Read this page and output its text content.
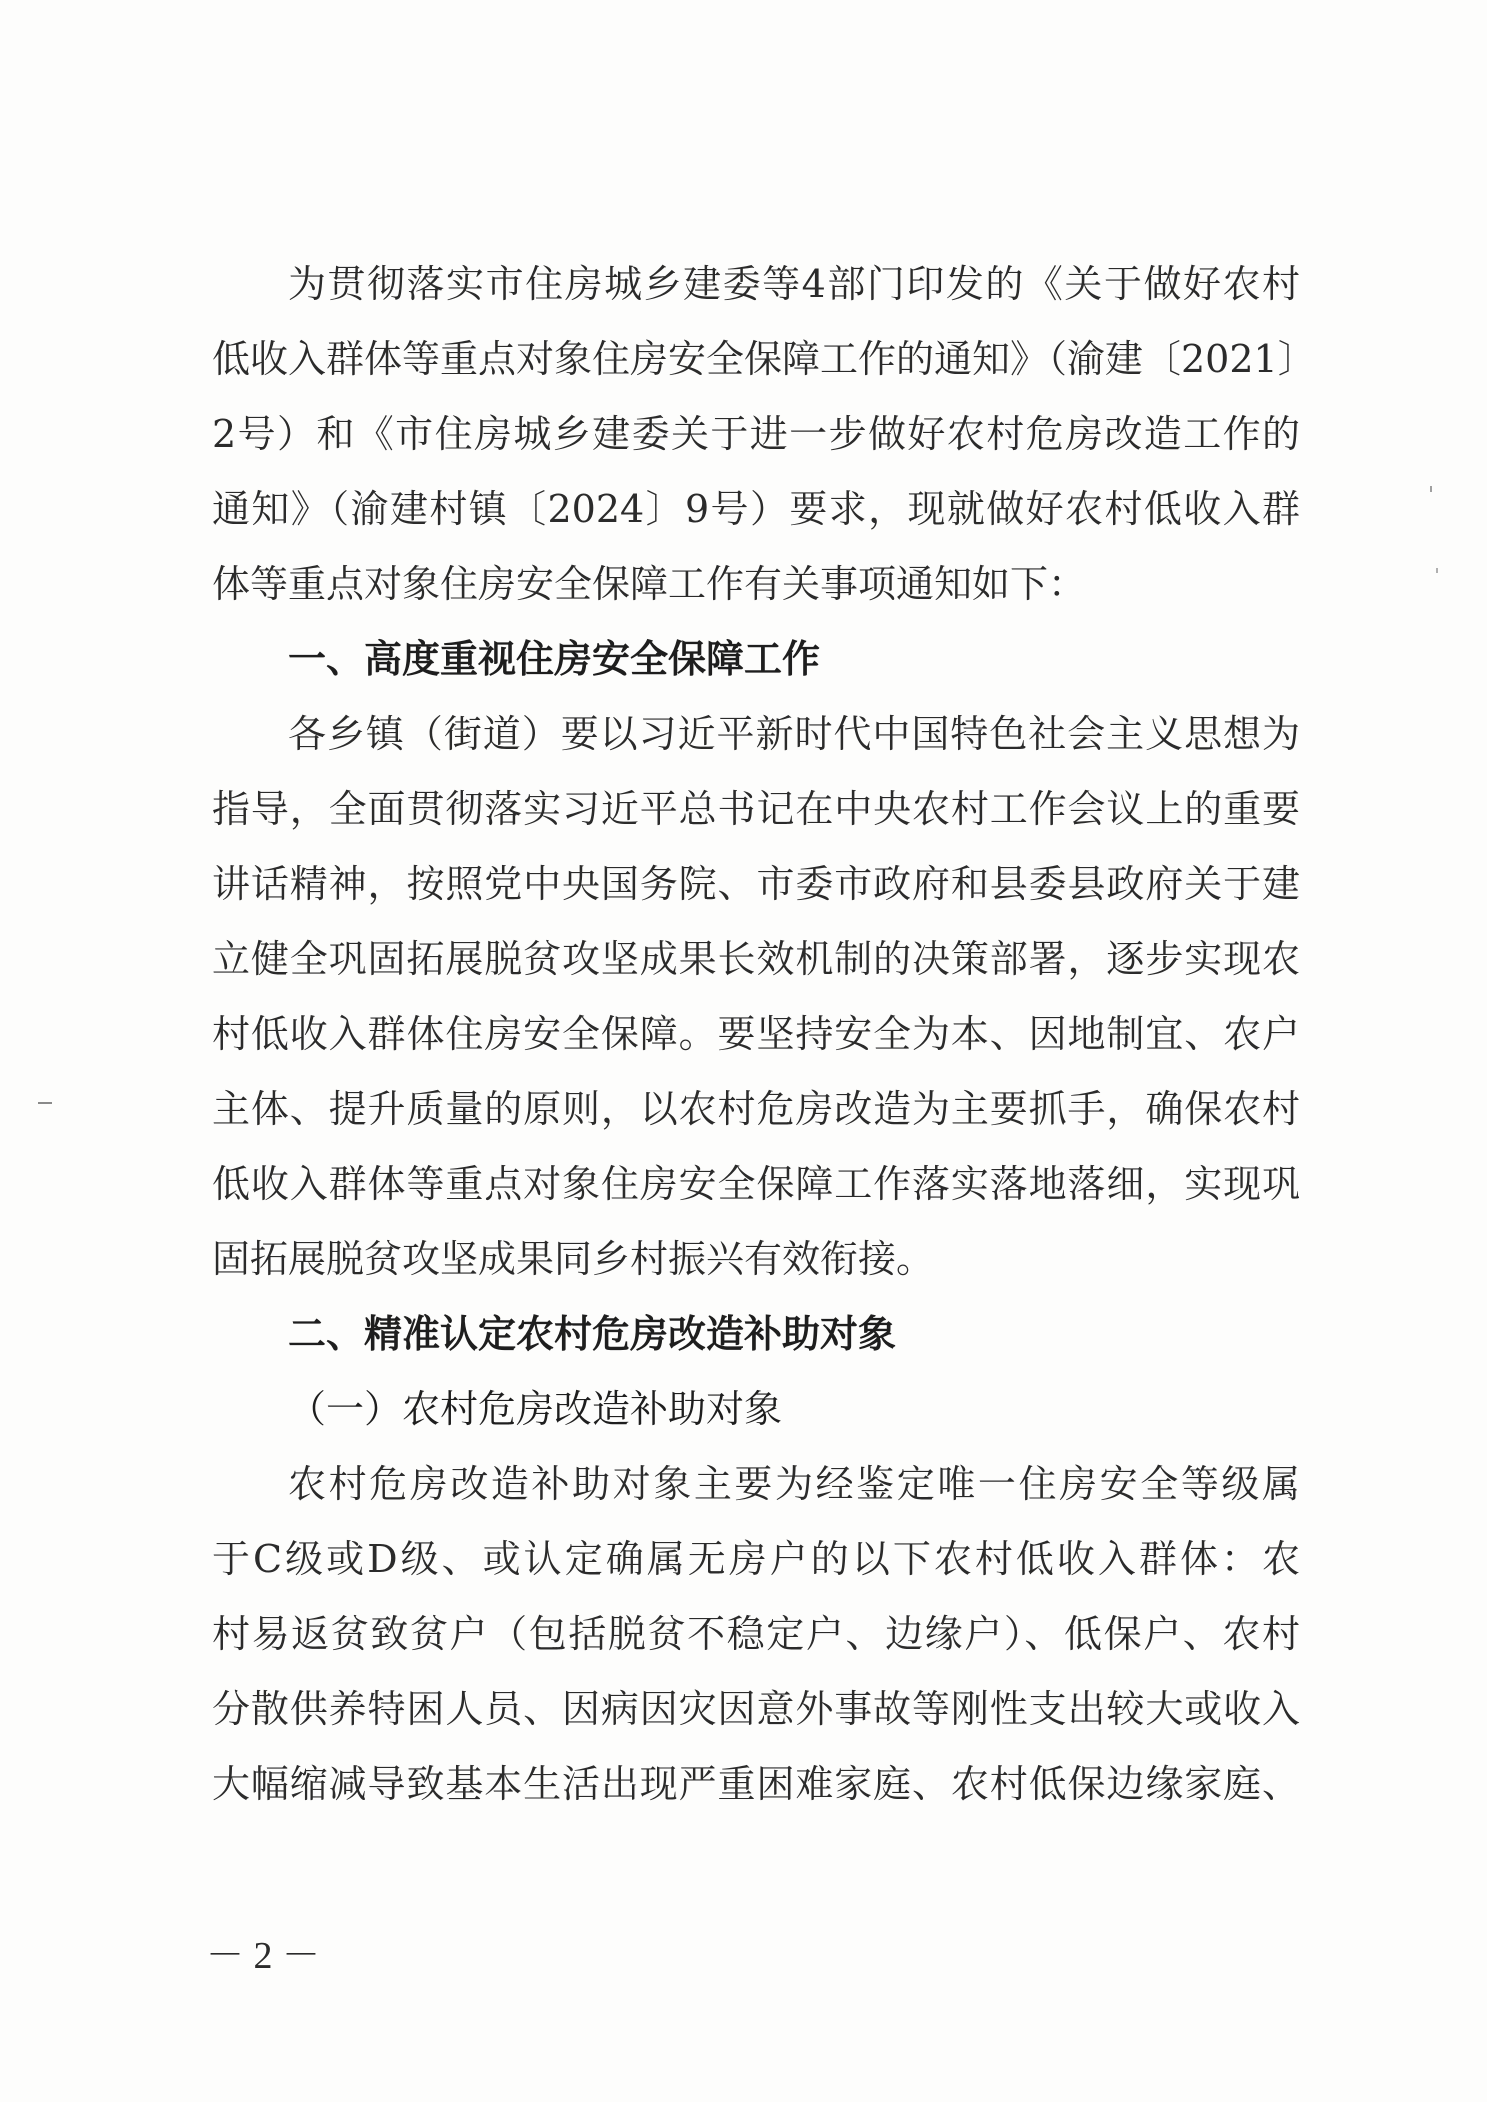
为贯彻落实市住房城乡建委等4部门印发的《关于做好农村
低收入群体等重点对象住房安全保障工作的通知》（渝建〔2021〕
2号）和《市住房城乡建委关于进一步做好农村危房改造工作的
通知》（渝建村镇〔2024〕9号）要求，现就做好农村低收入群
体等重点对象住房安全保障工作有关事项通知如下：
一、高度重视住房安全保障工作
各乡镇（街道）要以习近平新时代中国特色社会主义思想为
指导，全面贯彻落实习近平总书记在中央农村工作会议上的重要
讲话精神，按照党中央国务院、市委市政府和县委县政府关于建
立健全巩固拓展脱贫攻坚成果长效机制的决策部署，逐步实现农
村低收入群体住房安全保障。要坚持安全为本、因地制宜、农户
主体、提升质量的原则，以农村危房改造为主要抓手，确保农村
低收入群体等重点对象住房安全保障工作落实落地落细，实现巩
固拓展脱贫攻坚成果同乡村振兴有效衔接。
二、精准认定农村危房改造补助对象
（一）农村危房改造补助对象
农村危房改造补助对象主要为经鉴定唯一住房安全等级属
于C级或D级、或认定确属无房户的以下农村低收入群体：农
村易返贫致贫户（包括脱贫不稳定户、边缘户）、低保户、农村
分散供养特困人员、因病因灾因意外事故等刚性支出较大或收入
大幅缩减导致基本生活出现严重困难家庭、农村低保边缘家庭、
－ 2 －
